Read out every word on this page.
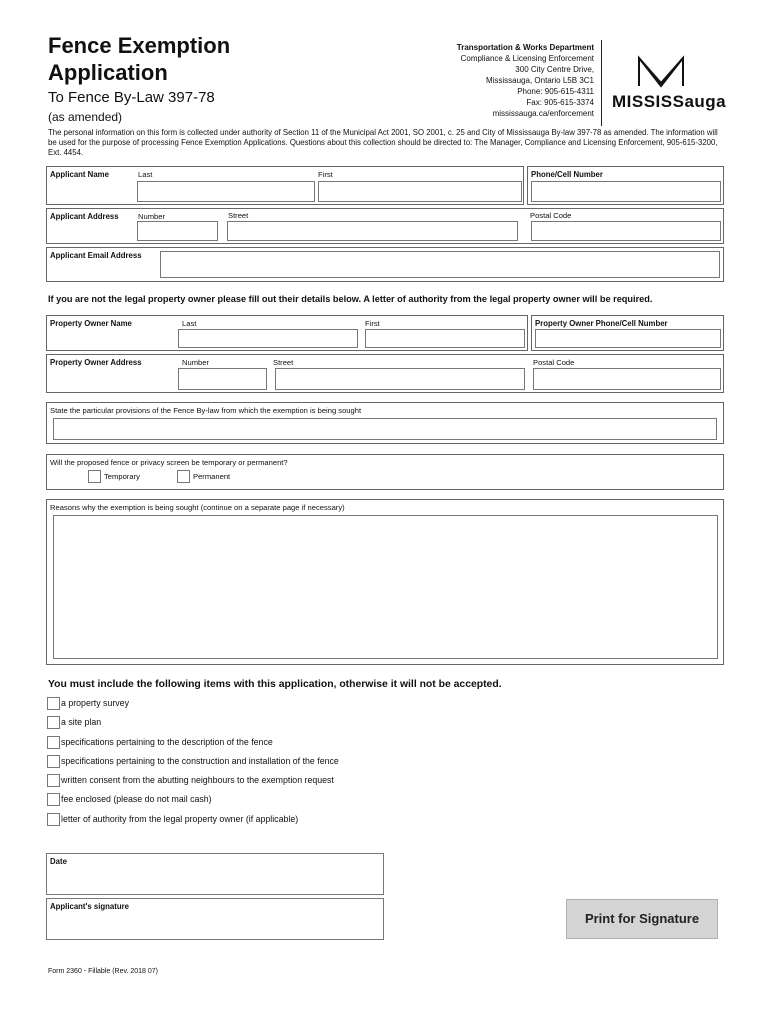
Fence Exemption
Application
To Fence By-Law 397-78
(as amended)
Transportation & Works Department
Compliance & Licensing Enforcement
300 City Centre Drive,
Mississauga, Ontario L5B 3C1
Phone: 905-615-4311
Fax: 905-615-3374
mississauga.ca/enforcement
MISSISSauga
The personal information on this form is collected under authority of Section 11 of the Municipal Act 2001, SO 2001, c. 25 and City of Mississauga By-law 397-78 as amended. The information will be used for the purpose of processing Fence Exemption Applications. Questions about this collection should be directed to: The Manager, Compliance and Licensing Enforcement, 905-615-3200, Ext. 4454.
Applicant Name	Last	First	Phone/Cell Number
Applicant Address	Number	Street	Postal Code
Applicant Email Address
If you are not the legal property owner please fill out their details below. A letter of authority from the legal property owner will be required.
Property Owner Name	Last	First	Property Owner Phone/Cell Number
Property Owner Address	Number	Street	Postal Code
State the particular provisions of the Fence By-law from which the exemption is being sought
Will the proposed fence or privacy screen be temporary or permanent?
Temporary	Permanent
Reasons why the exemption is being sought (continue on a separate page if necessary)
You must include the following items with this application, otherwise it will not be accepted.
a property survey
a site plan
specifications pertaining to the description of the fence
specifications pertaining to the construction and installation of the fence
written consent from the abutting neighbours to the exemption request
fee enclosed (please do not mail cash)
letter of authority from the legal property owner (if applicable)
Date
Applicant's signature
Print for Signature
Form 2360 - Fillable (Rev. 2018 07)
